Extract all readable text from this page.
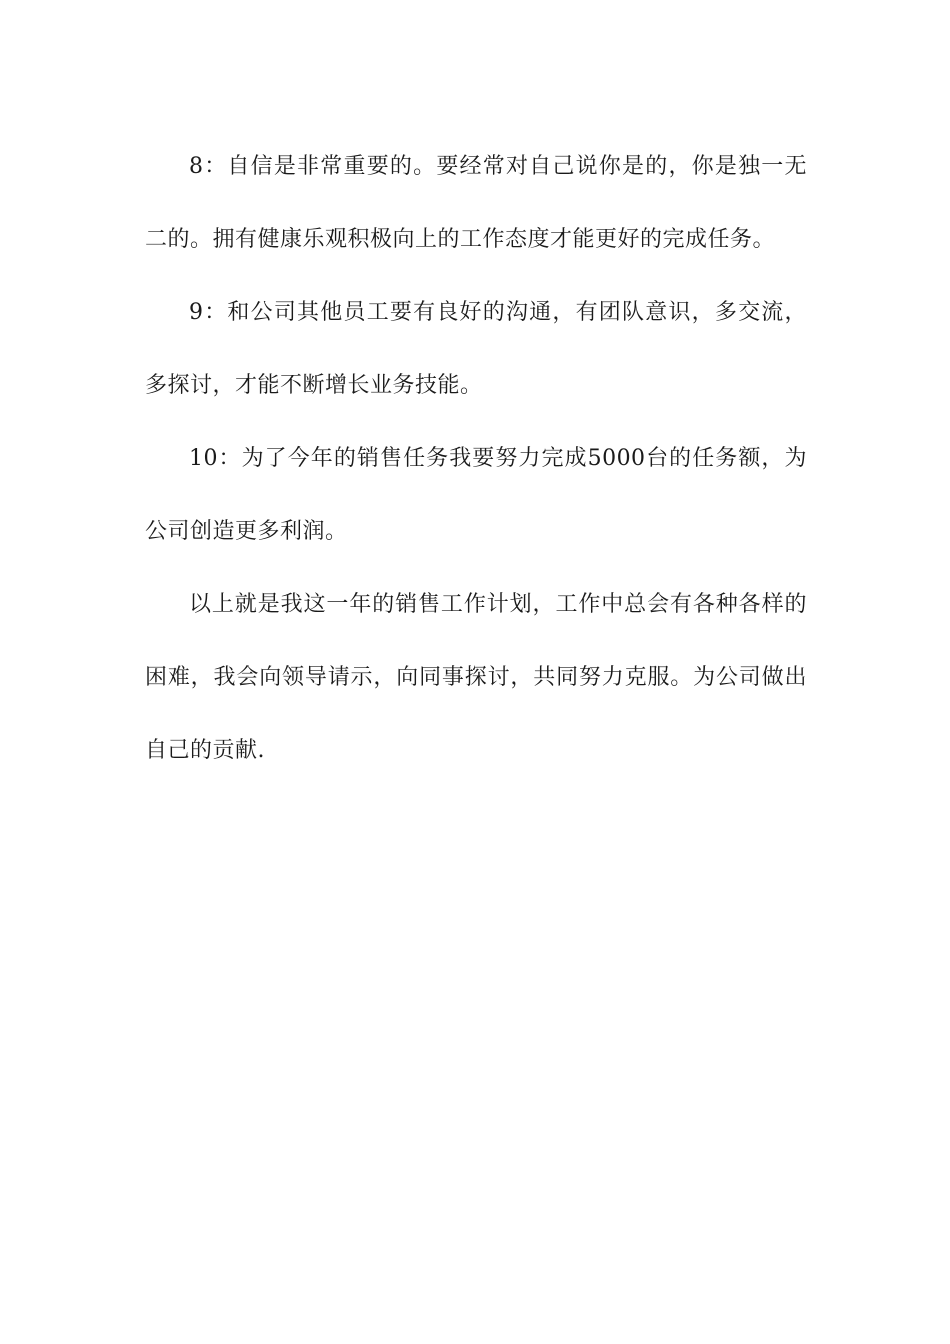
8：自信是非常重要的。要经常对自己说你是的，你是独一无二的。拥有健康乐观积极向上的工作态度才能更好的完成任务。

9：和公司其他员工要有良好的沟通，有团队意识，多交流，多探讨，才能不断增长业务技能。

10：为了今年的销售任务我要努力完成5000台的任务额，为公司创造更多利润。

以上就是我这一年的销售工作计划，工作中总会有各种各样的困难，我会向领导请示，向同事探讨，共同努力克服。为公司做出自己的贡献.
